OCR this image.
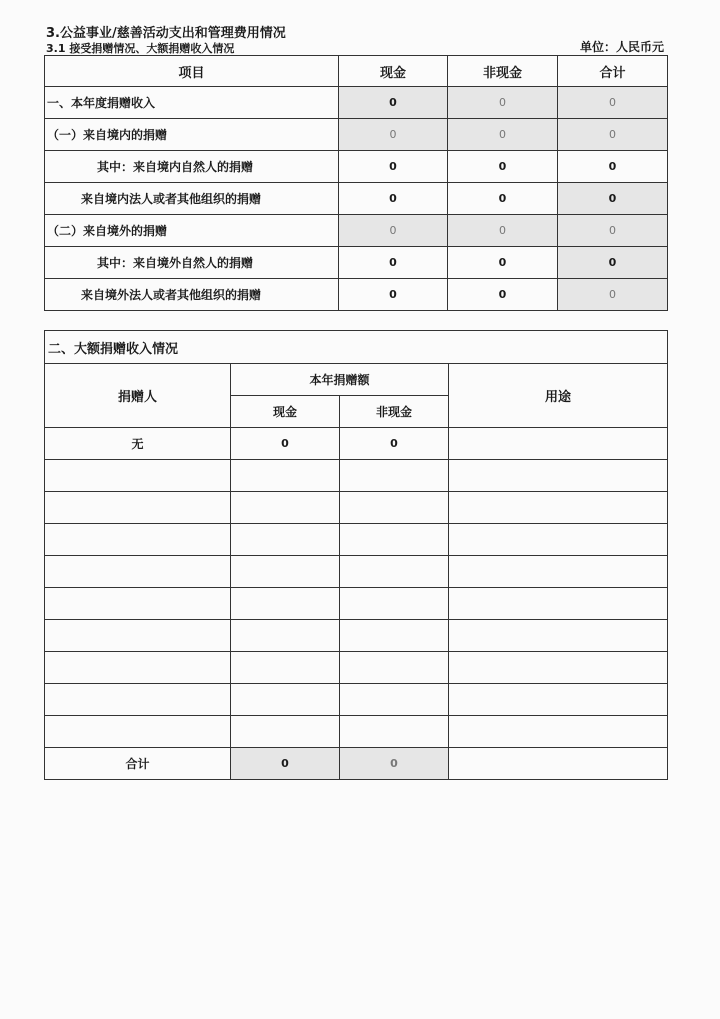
3.公益事业/慈善活动支出和管理费用情况
3.1 接受捐赠情况、大额捐赠收入情况	单位：人民币元
项目	现金	非现金	合计
一、本年度捐赠收入	0	0	0
（一）来自境内的捐赠	0	0	0
其中：来自境内自然人的捐赠	0	0	0
来自境内法人或者其他组织的捐赠	0	0	0
（二）来自境外的捐赠	0	0	0
其中：来自境外自然人的捐赠	0	0	0
来自境外法人或者其他组织的捐赠	0	0	0
二、大额捐赠收入情况			
捐赠人	本年捐赠额		用途
	现金	非现金	
无	0	0	

合计	0	0	
